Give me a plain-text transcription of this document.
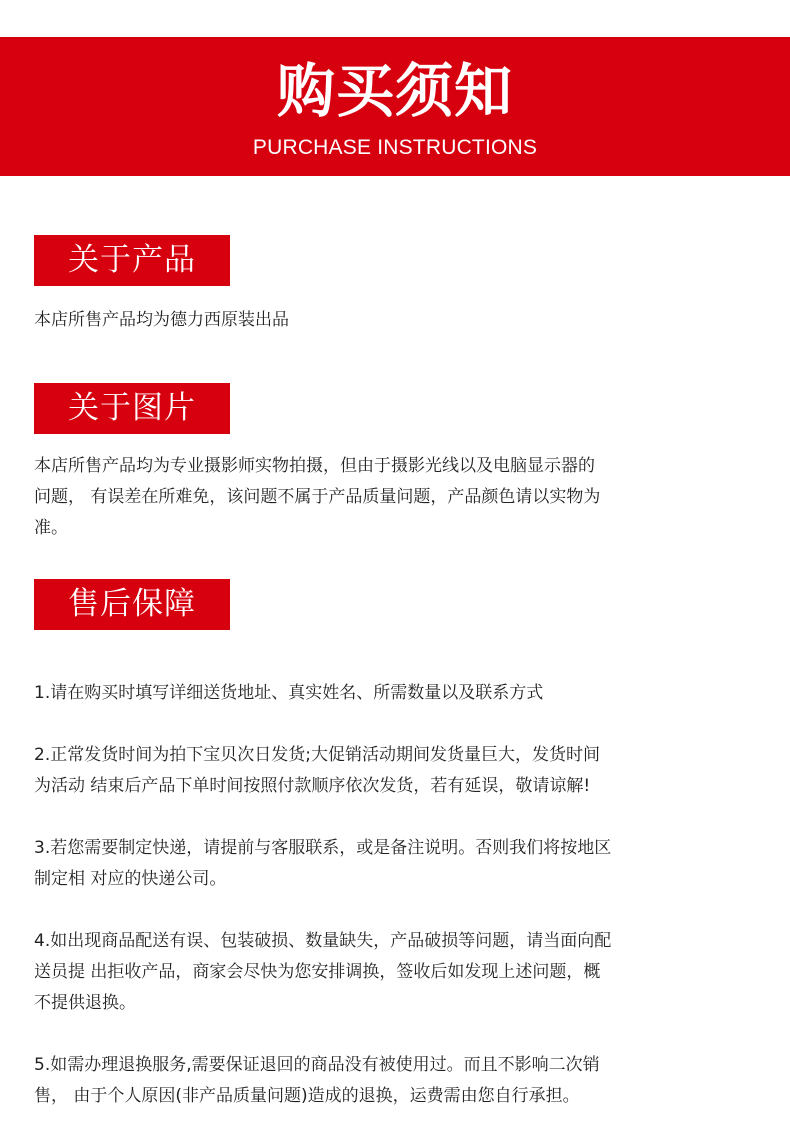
购买须知
PURCHASE INSTRUCTIONS
关于产品
本店所售产品均为德力西原装出品
关于图片
本店所售产品均为专业摄影师实物拍摄，但由于摄影光线以及电脑显示器的
问题， 有误差在所难免，该问题不属于产品质量问题，产品颜色请以实物为
准。
售后保障

1.请在购买时填写详细送货地址、真实姓名、所需数量以及联系方式

2.正常发货时间为拍下宝贝次日发货;大促销活动期间发货量巨大，发货时间
为活动 结束后产品下单时间按照付款顺序依次发货，若有延误，敬请谅解!

3.若您需要制定快递，请提前与客服联系，或是备注说明。否则我们将按地区
制定相 对应的快递公司。

4.如出现商品配送有误、包装破损、数量缺失，产品破损等问题，请当面向配
送员提 出拒收产品，商家会尽快为您安排调换，签收后如发现上述问题，概
不提供退换。

5.如需办理退换服务,需要保证退回的商品没有被使用过。而且不影响二次销
售， 由于个人原因(非产品质量问题)造成的退换，运费需由您自行承担。
